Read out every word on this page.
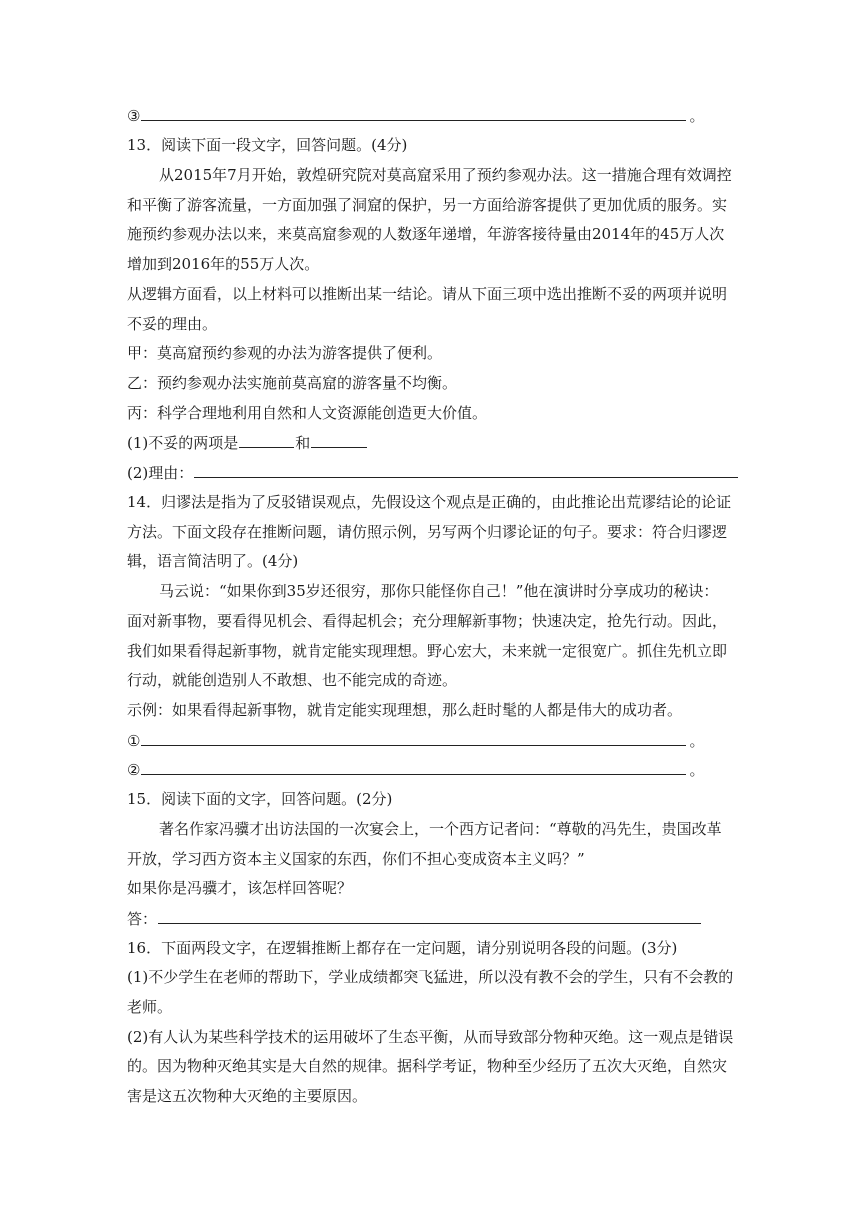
③	。
13．阅读下面一段文字，回答问题。(4分)
从2015年7月开始，敦煌研究院对莫高窟采用了预约参观办法。这一措施合理有效调控
和平衡了游客流量，一方面加强了洞窟的保护，另一方面给游客提供了更加优质的服务。实
施预约参观办法以来，来莫高窟参观的人数逐年递增，年游客接待量由2014年的45万人次
增加到2016年的55万人次。
从逻辑方面看，以上材料可以推断出某一结论。请从下面三项中选出推断不妥的两项并说明
不妥的理由。
甲：莫高窟预约参观的办法为游客提供了便利。
乙：预约参观办法实施前莫高窟的游客量不均衡。
丙：科学合理地利用自然和人文资源能创造更大价值。
(1)不妥的两项是	和
(2)理由：
14．归谬法是指为了反驳错误观点，先假设这个观点是正确的，由此推论出荒谬结论的论证
方法。下面文段存在推断问题，请仿照示例，另写两个归谬论证的句子。要求：符合归谬逻
辑，语言简洁明了。(4分)
马云说：“如果你到35岁还很穷，那你只能怪你自己！”他在演讲时分享成功的秘诀：
面对新事物，要看得见机会、看得起机会；充分理解新事物；快速决定，抢先行动。因此，
我们如果看得起新事物，就肯定能实现理想。野心宏大，未来就一定很宽广。抓住先机立即
行动，就能创造别人不敢想、也不能完成的奇迹。
示例：如果看得起新事物，就肯定能实现理想，那么赶时髦的人都是伟大的成功者。
①	。
②	。
15．阅读下面的文字，回答问题。(2分)
著名作家冯骥才出访法国的一次宴会上，一个西方记者问：“尊敬的冯先生，贵国改革
开放，学习西方资本主义国家的东西，你们不担心变成资本主义吗？”
如果你是冯骥才，该怎样回答呢？
答：
16．下面两段文字，在逻辑推断上都存在一定问题，请分别说明各段的问题。(3分)
(1)不少学生在老师的帮助下，学业成绩都突飞猛进，所以没有教不会的学生，只有不会教的
老师。
(2)有人认为某些科学技术的运用破坏了生态平衡，从而导致部分物种灭绝。这一观点是错误
的。因为物种灭绝其实是大自然的规律。据科学考证，物种至少经历了五次大灭绝，自然灾
害是这五次物种大灭绝的主要原因。
